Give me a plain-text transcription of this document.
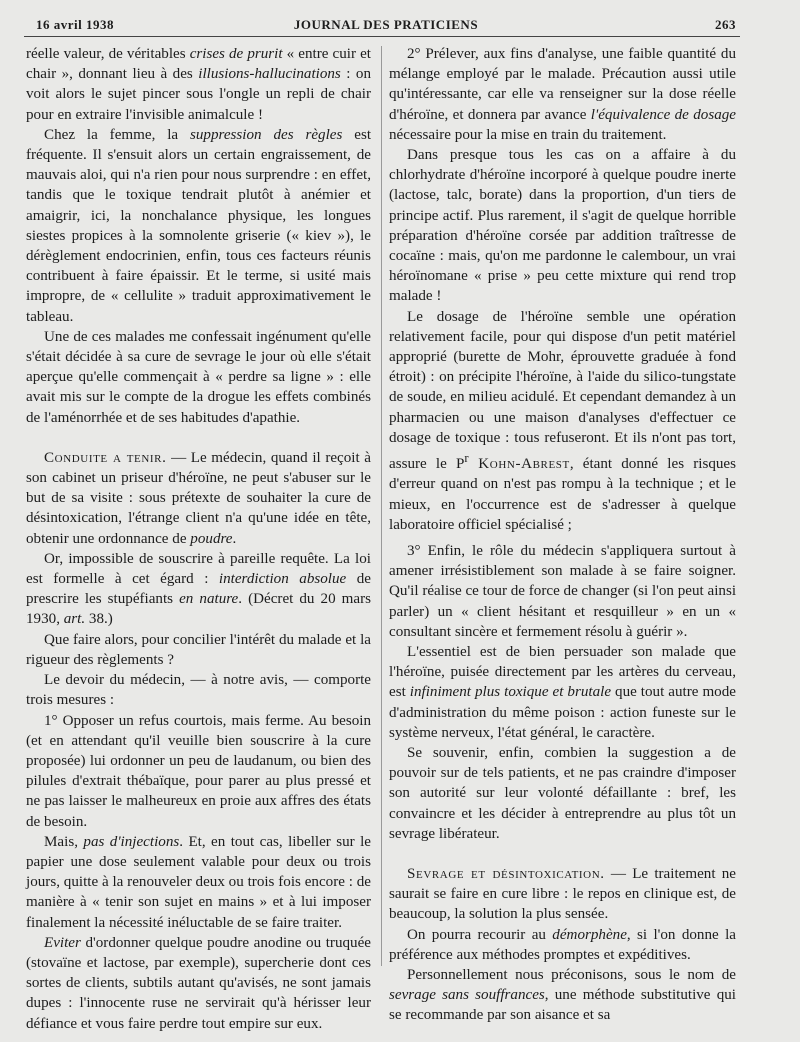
16 avril 1938	JOURNAL DES PRATICIENS	263

réelle valeur, de véritables crises de prurit « entre cuir et chair », donnant lieu à des illusions-hallucinations : on voit alors le sujet pincer sous l'ongle un repli de chair pour en extraire l'invisible animalcule !

Chez la femme, la suppression des règles est fréquente. Il s'ensuit alors un certain engraissement, de mauvais aloi, qui n'a rien pour nous surprendre : en effet, tandis que le toxique tendrait plutôt à anémier et amaigrir, ici, la nonchalance physique, les longues siestes propices à la somnolente griserie (« kiev »), le dérèglement endocrinien, enfin, tous ces facteurs réunis contribuent à faire épaissir. Et le terme, si usité mais impropre, de « cellulite » traduit approximativement le tableau.

Une de ces malades me confessait ingénument qu'elle s'était décidée à sa cure de sevrage le jour où elle s'était aperçue qu'elle commençait à « perdre sa ligne » : elle avait mis sur le compte de la drogue les effets combinés de l'aménorrhée et de ses habitudes d'apathie.

Conduite a tenir. — Le médecin, quand il reçoit à son cabinet un priseur d'héroïne, ne peut s'abuser sur le but de sa visite : sous prétexte de souhaiter la cure de désintoxication, l'étrange client n'a qu'une idée en tête, obtenir une ordonnance de poudre.

Or, impossible de souscrire à pareille requête. La loi est formelle à cet égard : interdiction absolue de prescrire les stupéfiants en nature. (Décret du 20 mars 1930, art. 38.)

Que faire alors, pour concilier l'intérêt du malade et la rigueur des règlements ?

Le devoir du médecin, — à notre avis, — comporte trois mesures :

1° Opposer un refus courtois, mais ferme. Au besoin (et en attendant qu'il veuille bien souscrire à la cure proposée) lui ordonner un peu de laudanum, ou bien des pilules d'extrait thébaïque, pour parer au plus pressé et ne pas laisser le malheureux en proie aux affres des états de besoin.

Mais, pas d'injections. Et, en tout cas, libeller sur le papier une dose seulement valable pour deux ou trois jours, quitte à la renouveler deux ou trois fois encore : de manière à « tenir son sujet en mains » et à lui imposer finalement la nécessité inéluctable de se faire traiter.

Eviter d'ordonner quelque poudre anodine ou truquée (stovaïne et lactose, par exemple), supercherie dont ces sortes de clients, subtils autant qu'avisés, ne sont jamais dupes : l'innocente ruse ne servirait qu'à hérisser leur défiance et vous faire perdre tout empire sur eux.

2° Prélever, aux fins d'analyse, une faible quantité du mélange employé par le malade. Précaution aussi utile qu'intéressante, car elle va renseigner sur la dose réelle d'héroïne, et donnera par avance l'équivalence de dosage nécessaire pour la mise en train du traitement.

Dans presque tous les cas on a affaire à du chlorhydrate d'héroïne incorporé à quelque poudre inerte (lactose, talc, borate) dans la proportion, d'un tiers de principe actif. Plus rarement, il s'agit de quelque horrible préparation d'héroïne corsée par addition traîtresse de cocaïne : mais, qu'on me pardonne le calembour, un vrai héroïnomane « prise » peu cette mixture qui rend trop malade !

Le dosage de l'héroïne semble une opération relativement facile, pour qui dispose d'un petit matériel approprié (burette de Mohr, éprouvette graduée à fond étroit) : on précipite l'héroïne, à l'aide du silico-tungstate de soude, en milieu acidulé. Et cependant demandez à un pharmacien ou une maison d'analyses d'effectuer ce dosage de toxique : tous refuseront. Et ils n'ont pas tort, assure le $P^r$ Kohn-Abrest, étant donné les risques d'erreur quand on n'est pas rompu à la technique ; et le mieux, en l'occurrence est de s'adresser à quelque laboratoire officiel spécialisé ;

3° Enfin, le rôle du médecin s'appliquera surtout à amener irrésistiblement son malade à se faire soigner. Qu'il réalise ce tour de force de changer (si l'on peut ainsi parler) un « client hésitant et resquilleur » en un « consultant sincère et fermement résolu à guérir ».

L'essentiel est de bien persuader son malade que l'héroïne, puisée directement par les artères du cerveau, est infiniment plus toxique et brutale que tout autre mode d'administration du même poison : action funeste sur le système nerveux, l'état général, le caractère.

Se souvenir, enfin, combien la suggestion a de pouvoir sur de tels patients, et ne pas craindre d'imposer son autorité sur leur volonté défaillante : bref, les convaincre et les décider à entreprendre au plus tôt un sevrage libérateur.

Sevrage et désintoxication. — Le traitement ne saurait se faire en cure libre : le repos en clinique est, de beaucoup, la solution la plus sensée.

On pourra recourir au démorphène, si l'on donne la préférence aux méthodes promptes et expéditives.

Personnellement nous préconisons, sous le nom de sevrage sans souffrances, une méthode substitutive qui se recommande par son aisance et sa
